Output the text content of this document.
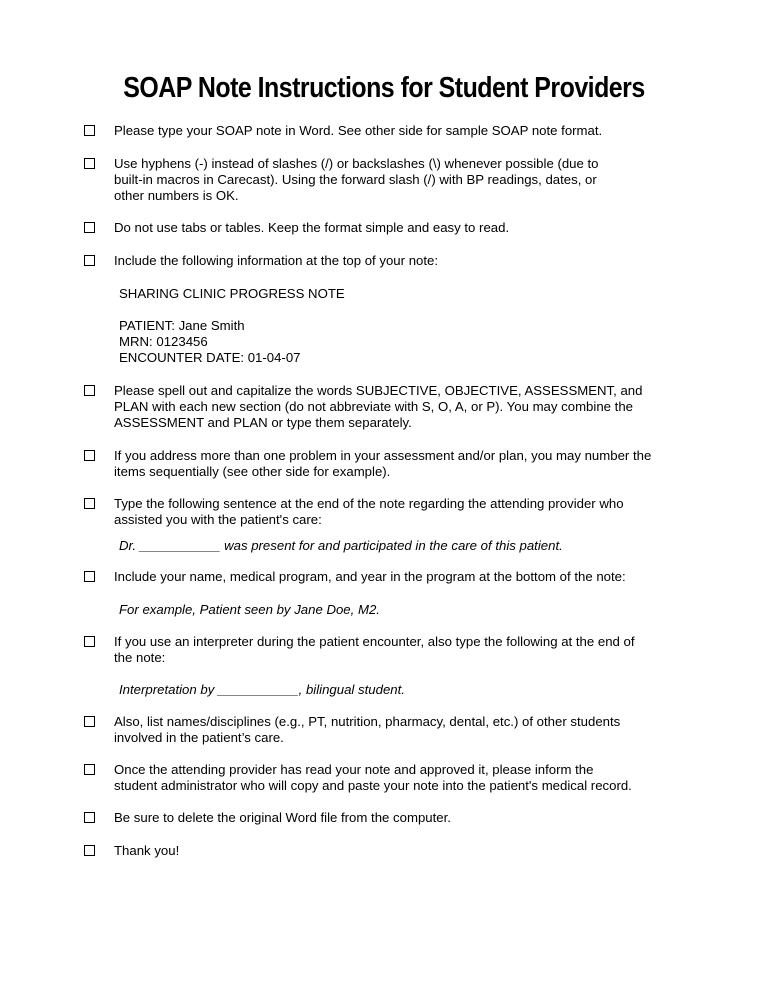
SOAP Note Instructions for Student Providers
Please type your SOAP note in Word. See other side for sample SOAP note format.
Use hyphens (-) instead of slashes (/) or backslashes (\) whenever possible (due to
built-in macros in Carecast). Using the forward slash (/) with BP readings, dates, or
other numbers is OK.
Do not use tabs or tables. Keep the format simple and easy to read.
Include the following information at the top of your note:
SHARING CLINIC PROGRESS NOTE
PATIENT: Jane Smith
MRN: 0123456
ENCOUNTER DATE: 01-04-07
Please spell out and capitalize the words SUBJECTIVE, OBJECTIVE, ASSESSMENT, and
PLAN with each new section (do not abbreviate with S, O, A, or P). You may combine the
ASSESSMENT and PLAN or type them separately.
If you address more than one problem in your assessment and/or plan, you may number the
items sequentially (see other side for example).
Type the following sentence at the end of the note regarding the attending provider who
assisted you with the patient's care:
Dr. ___________ was present for and participated in the care of this patient.
Include your name, medical program, and year in the program at the bottom of the note:
For example, Patient seen by Jane Doe, M2.
If you use an interpreter during the patient encounter, also type the following at the end of
the note:
Interpretation by ___________, bilingual student.
Also, list names/disciplines (e.g., PT, nutrition, pharmacy, dental, etc.) of other students
involved in the patient’s care.
Once the attending provider has read your note and approved it, please inform the
student administrator who will copy and paste your note into the patient's medical record.
Be sure to delete the original Word file from the computer.
Thank you!
